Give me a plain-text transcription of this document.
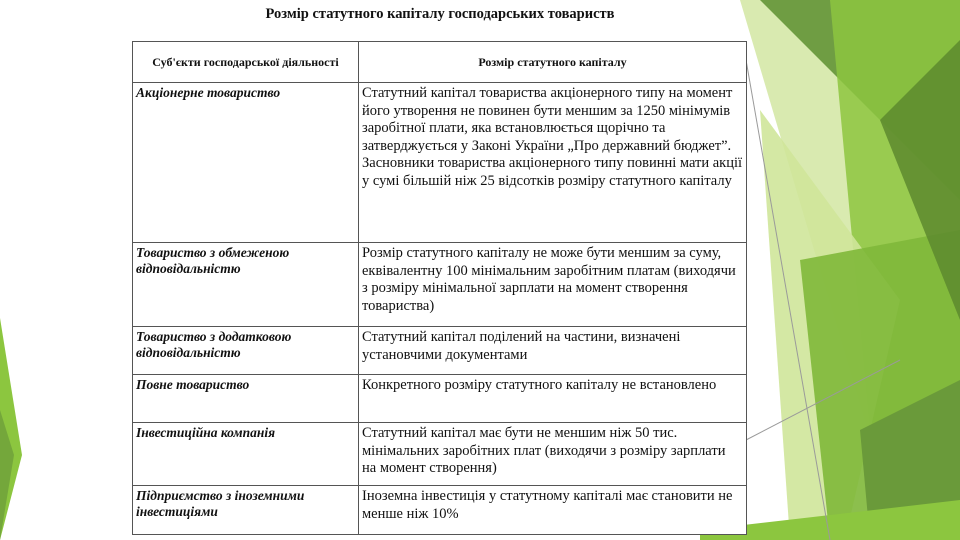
Розмір статутного капіталу господарських товариств
Суб'єкти господарської діяльності	Розмір статутного капіталу
Акціонерне товариство	Статутний капітал товариства акціонерного типу на момент його утворення не повинен бути меншим за 1250 мінімумів заробітної плати, яка встановлюється щорічно та затверджується у Законі України „Про державний бюджет”. Засновники товариства акціонерного типу повинні мати акції у сумі більшій ніж 25 відсотків розміру статутного капіталу
Товариство з обмеженою відповідальністю	Розмір статутного капіталу не може бути меншим за суму, еквівалентну 100 мінімальним заробітним платам (виходячи з розміру мінімальної зарплати на момент створення товариства)
Товариство з додатковою відповідальністю	Статутний капітал поділений на частини, визначені установчими документами
Повне товариство	Конкретного розміру статутного капіталу не встановлено
Інвестиційна компанія	Статутний капітал має бути не меншим ніж 50 тис. мінімальних заробітних плат (виходячи з розміру зарплати на момент створення)
Підприємство з іноземними інвестиціями	Іноземна інвестиція у статутному капіталі має становити не менше ніж 10%
